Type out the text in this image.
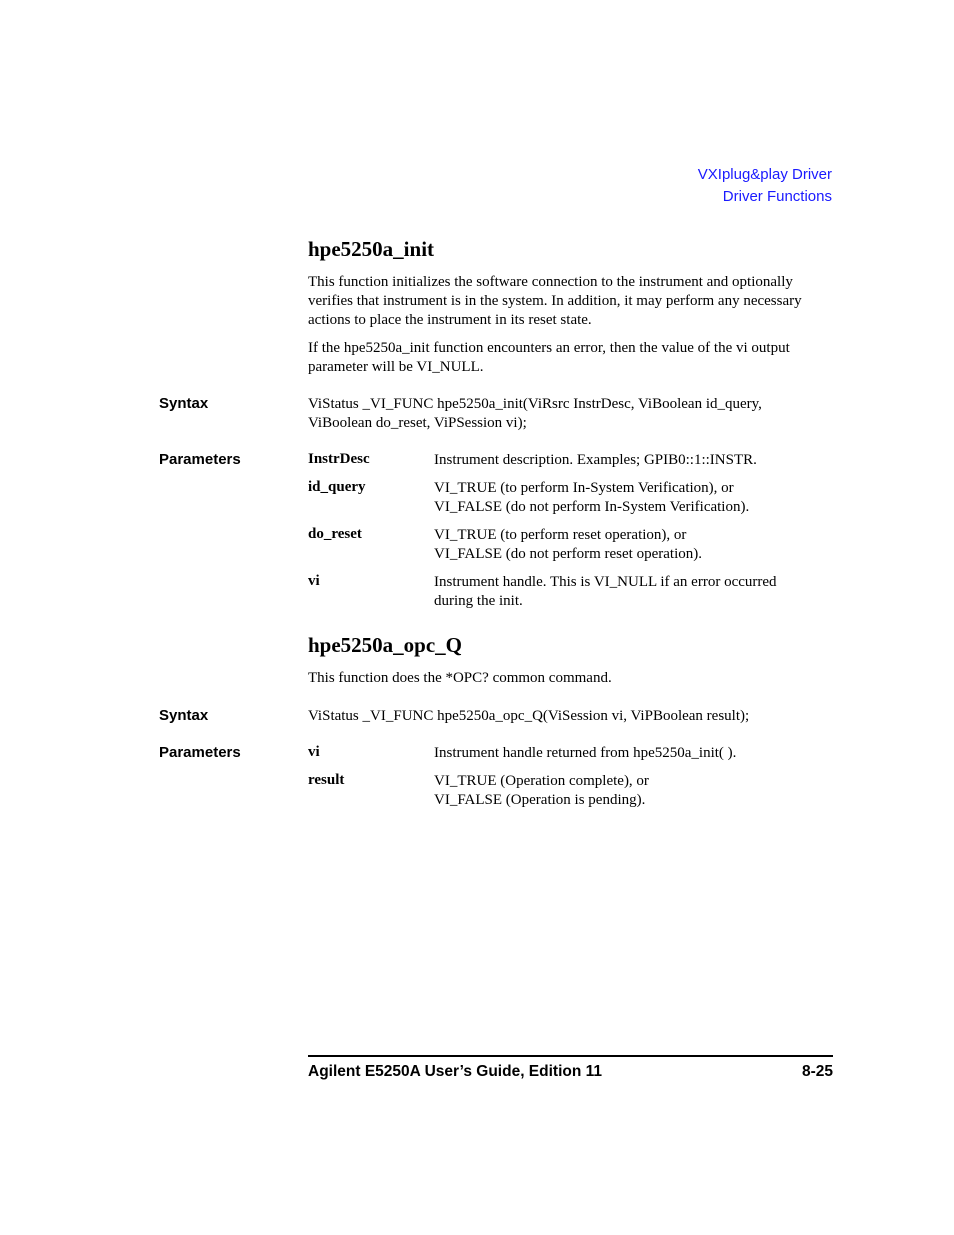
VXIplug&play Driver
Driver Functions
hpe5250a_init
This function initializes the software connection to the instrument and optionally
verifies that instrument is in the system. In addition, it may perform any necessary
actions to place the instrument in its reset state.
If the hpe5250a_init function encounters an error, then the value of the vi output
parameter will be VI_NULL.
Syntax	ViStatus _VI_FUNC hpe5250a_init(ViRsrc InstrDesc, ViBoolean id_query,
ViBoolean do_reset, ViPSession vi);
Parameters	InstrDesc	Instrument description. Examples; GPIB0::1::INSTR.
id_query	VI_TRUE (to perform In-System Verification), or
VI_FALSE (do not perform In-System Verification).
do_reset	VI_TRUE (to perform reset operation), or
VI_FALSE (do not perform reset operation).
vi	Instrument handle. This is VI_NULL if an error occurred
during the init.
hpe5250a_opc_Q
This function does the *OPC? common command.
Syntax	ViStatus _VI_FUNC hpe5250a_opc_Q(ViSession vi, ViPBoolean result);
Parameters	vi	Instrument handle returned from hpe5250a_init( ).
result	VI_TRUE (Operation complete), or
VI_FALSE (Operation is pending).
Agilent E5250A User’s Guide, Edition 11	8-25
